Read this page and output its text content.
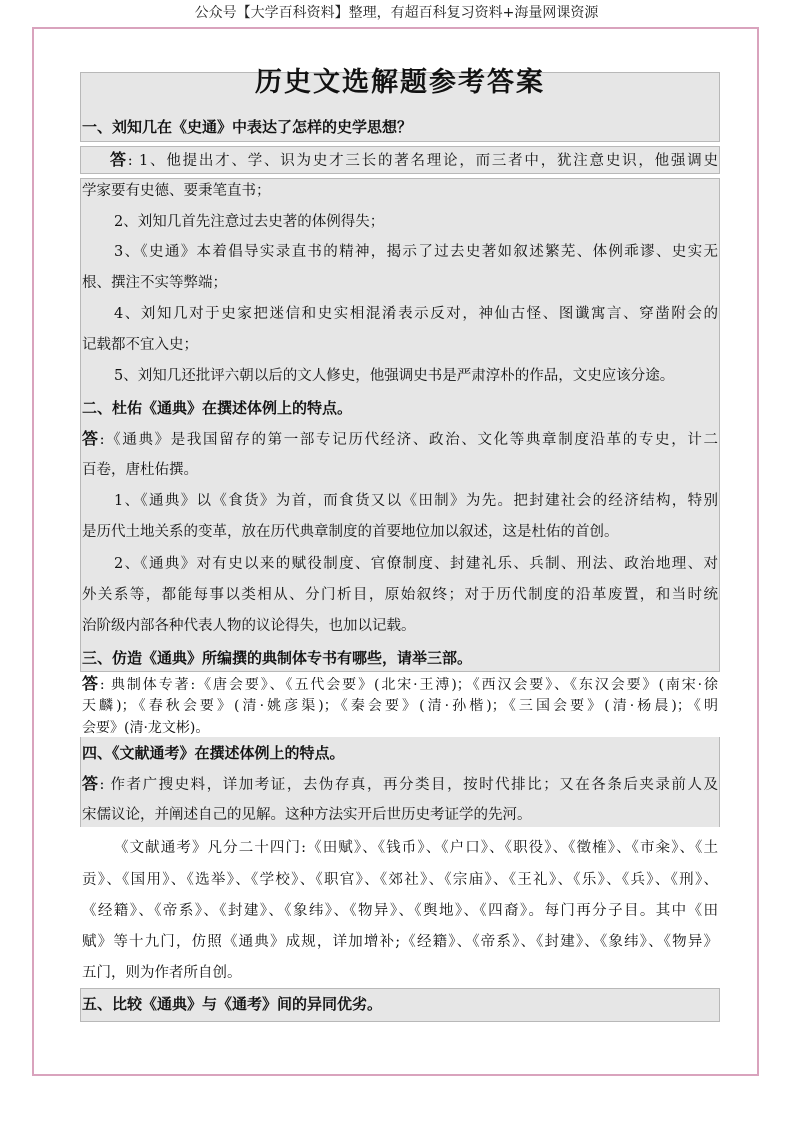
公众号【大学百科资料】整理，有超百科复习资料+海量网课资源
历史文选解题参考答案
一、刘知几在《史通》中表达了怎样的史学思想？
答: 1、他提出才、学、识为史才三长的著名理论，而三者中，犹注意史识，他强调史
学家要有史德、要秉笔直书；
2、刘知几首先注意过去史著的体例得失；
3、《史通》本着倡导实录直书的精神，揭示了过去史著如叙述繁芜、体例乖谬、史实无
根、撰注不实等弊端；
4、刘知几对于史家把迷信和史实相混淆表示反对，神仙古怪、图谶寓言、穿凿附会的
记载都不宜入史；
5、刘知几还批评六朝以后的文人修史，他强调史书是严肃淳朴的作品，文史应该分途。
二、杜佑《通典》在撰述体例上的特点。
答:《通典》是我国留存的第一部专记历代经济、政治、文化等典章制度沿革的专史，计二
百卷，唐杜佑撰。
1、《通典》以《食货》为首，而食货又以《田制》为先。把封建社会的经济结构，特别
是历代土地关系的变革，放在历代典章制度的首要地位加以叙述，这是杜佑的首创。
2、《通典》对有史以来的赋役制度、官僚制度、封建礼乐、兵制、刑法、政治地理、对
外关系等，都能每事以类相从、分门析目，原始叙终；对于历代制度的沿革废置，和当时统
治阶级内部各种代表人物的议论得失，也加以记载。
三、仿造《通典》所编撰的典制体专书有哪些，请举三部。
答: 典制体专著:《唐会要》、《五代会要》(北宋·王溥)；《西汉会要》、《东汉会要》(南宋·徐
天麟)；《春秋会要》(清·姚彦渠)；《秦会要》(清·孙楷)；《三国会要》(清·杨晨)；《明
会要》(清·龙文彬)。
四、《文献通考》在撰述体例上的特点。
答: 作者广搜史料，详加考证，去伪存真，再分类目，按时代排比；又在各条后夹录前人及
宋儒议论，并阐述自己的见解。这种方法实开后世历史考证学的先河。
《文献通考》凡分二十四门:《田赋》、《钱币》、《户口》、《职役》、《徵榷》、《市籴》、《土
贡》、《国用》、《选举》、《学校》、《职官》、《郊社》、《宗庙》、《王礼》、《乐》、《兵》、《刑》、
《经籍》、《帝系》、《封建》、《象纬》、《物异》、《舆地》、《四裔》。每门再分子目。其中《田
赋》等十九门，仿照《通典》成规，详加增补;《经籍》、《帝系》、《封建》、《象纬》、《物异》
五门，则为作者所自创。
五、比较《通典》与《通考》间的异同优劣。
